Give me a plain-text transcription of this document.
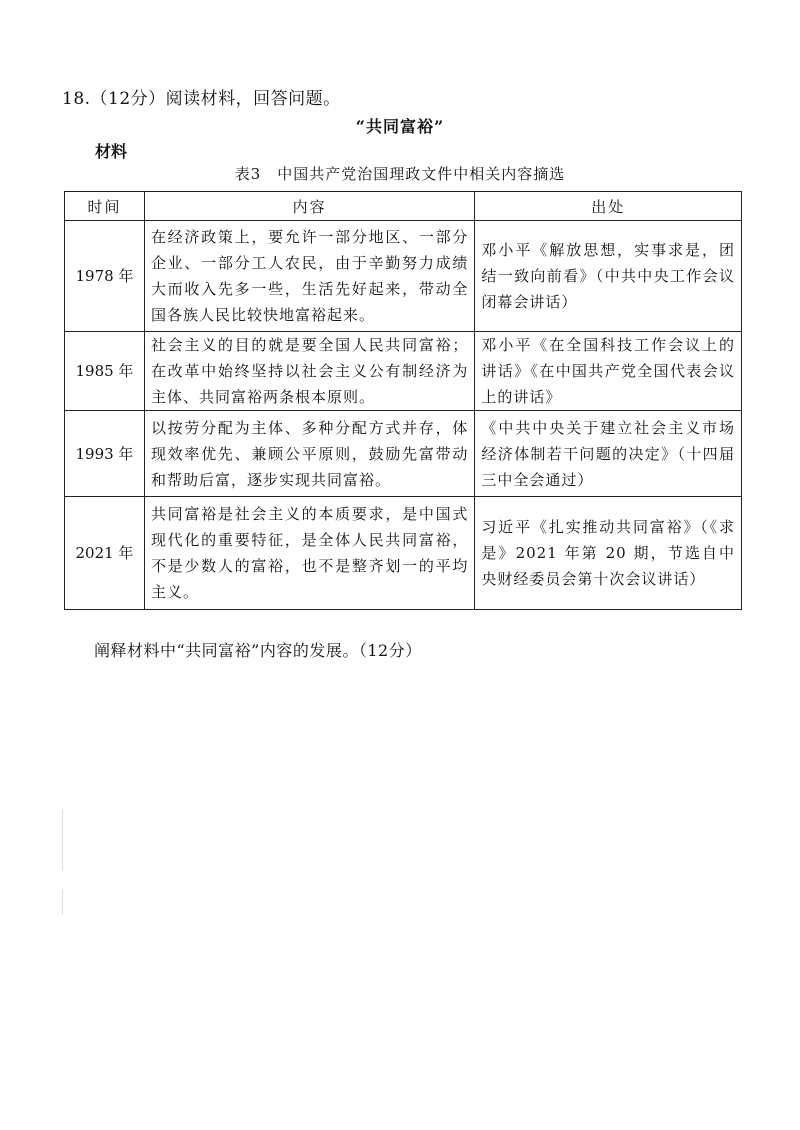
18.（12分）阅读材料，回答问题。
“共同富裕”
材料
表3　中国共产党治国理政文件中相关内容摘选
时间	内容	出处
1978 年	在经济政策上，要允许一部分地区、一部分企业、一部分工人农民，由于辛勤努力成绩大而收入先多一些，生活先好起来，带动全国各族人民比较快地富裕起来。	邓小平《解放思想，实事求是，团结一致向前看》（中共中央工作会议闭幕会讲话）
1985 年	社会主义的目的就是要全国人民共同富裕；在改革中始终坚持以社会主义公有制经济为主体、共同富裕两条根本原则。	邓小平《在全国科技工作会议上的讲话》《在中国共产党全国代表会议上的讲话》
1993 年	以按劳分配为主体、多种分配方式并存，体现效率优先、兼顾公平原则，鼓励先富带动和帮助后富，逐步实现共同富裕。	《中共中央关于建立社会主义市场经济体制若干问题的决定》（十四届三中全会通过）
2021 年	共同富裕是社会主义的本质要求，是中国式现代化的重要特征，是全体人民共同富裕，不是少数人的富裕，也不是整齐划一的平均主义。	习近平《扎实推动共同富裕》（《求是》2021 年第 20 期，节选自中央财经委员会第十次会议讲话）
阐释材料中“共同富裕”内容的发展。（12分）
